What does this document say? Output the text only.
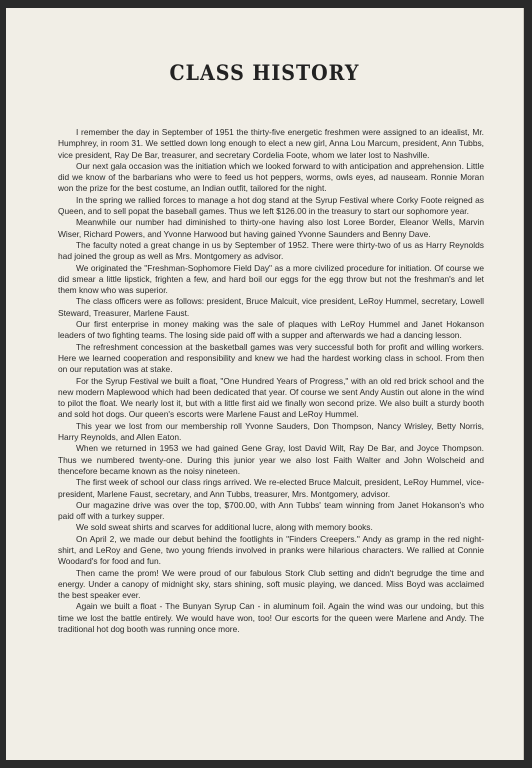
CLASS HISTORY

I remember the day in September of 1951 the thirty-five energetic freshmen were assigned to an idealist, Mr. Humphrey, in room 31. We settled down long enough to elect a new girl, Anna Lou Marcum, president, Ann Tubbs, vice president, Ray De Bar, treasurer, and secretary Cordelia Foote, whom we later lost to Nashville.

Our next gala occasion was the initiation which we looked forward to with anticipation and apprehension. Little did we know of the barbarians who were to feed us hot peppers, worms, owls eyes, ad nauseam. Ronnie Moran won the prize for the best costume, an Indian outfit, tailored for the night.

In the spring we rallied forces to manage a hot dog stand at the Syrup Festival where Corky Foote reigned as Queen, and to sell popat the baseball games. Thus we left $126.00 in the treasury to start our sophomore year.

Meanwhile our number had diminished to thirty-one having also lost Loree Border, Eleanor Wells, Marvin Wiser, Richard Powers, and Yvonne Harwood but having gained Yvonne Saunders and Benny Dave.

The faculty noted a great change in us by September of 1952. There were thirty-two of us as Harry Reynolds had joined the group as well as Mrs. Montgomery as advisor.

We originated the "Freshman-Sophomore Field Day" as a more civilized procedure for initiation. Of course we did smear a little lipstick, frighten a few, and hard boil our eggs for the egg throw but not the freshman's and let them know who was superior.

The class officers were as follows: president, Bruce Malcuit, vice president, LeRoy Hummel, secretary, Lowell Steward, Treasurer, Marlene Faust.

Our first enterprise in money making was the sale of plaques with LeRoy Hummel and Janet Hokanson leaders of two fighting teams. The losing side paid off with a supper and afterwards we had a dancing lesson.

The refreshment concession at the basketball games was very successful both for profit and willing workers. Here we learned cooperation and responsibility and knew we had the hardest working class in school. From then on our reputation was at stake.

For the Syrup Festival we built a float, "One Hundred Years of Progress," with an old red brick school and the new modern Maplewood which had been dedicated that year. Of course we sent Andy Austin out alone in the wind to pilot the float. We nearly lost it, but with a little first aid we finally won second prize. We also built a sturdy booth and sold hot dogs. Our queen's escorts were Marlene Faust and LeRoy Hummel.

This year we lost from our membership roll Yvonne Sauders, Don Thompson, Nancy Wrisley, Betty Norris, Harry Reynolds, and Allen Eaton.

When we returned in 1953 we had gained Gene Gray, lost David Wilt, Ray De Bar, and Joyce Thompson. Thus we numbered twenty-one. During this junior year we also lost Faith Walter and John Wolscheid and thencefore became known as the noisy nineteen.

The first week of school our class rings arrived. We re-elected Bruce Malcuit, president, LeRoy Hummel, vice-president, Marlene Faust, secretary, and Ann Tubbs, treasurer, Mrs. Montgomery, advisor.

Our magazine drive was over the top, $700.00, with Ann Tubbs' team winning from Janet Hokanson's who paid off with a turkey supper.

We sold sweat shirts and scarves for additional lucre, along with memory books.

On April 2, we made our debut behind the footlights in "Finders Creepers." Andy as gramp in the red night-shirt, and LeRoy and Gene, two young friends involved in pranks were hilarious characters. We rallied at Connie Woodard's for food and fun.

Then came the prom! We were proud of our fabulous Stork Club setting and didn't begrudge the time and energy. Under a canopy of midnight sky, stars shining, soft music playing, we danced. Miss Boyd was acclaimed the best speaker ever.

Again we built a float - The Bunyan Syrup Can - in aluminum foil. Again the wind was our undoing, but this time we lost the battle entirely. We would have won, too! Our escorts for the queen were Marlene and Andy. The traditional hot dog booth was running once more.
